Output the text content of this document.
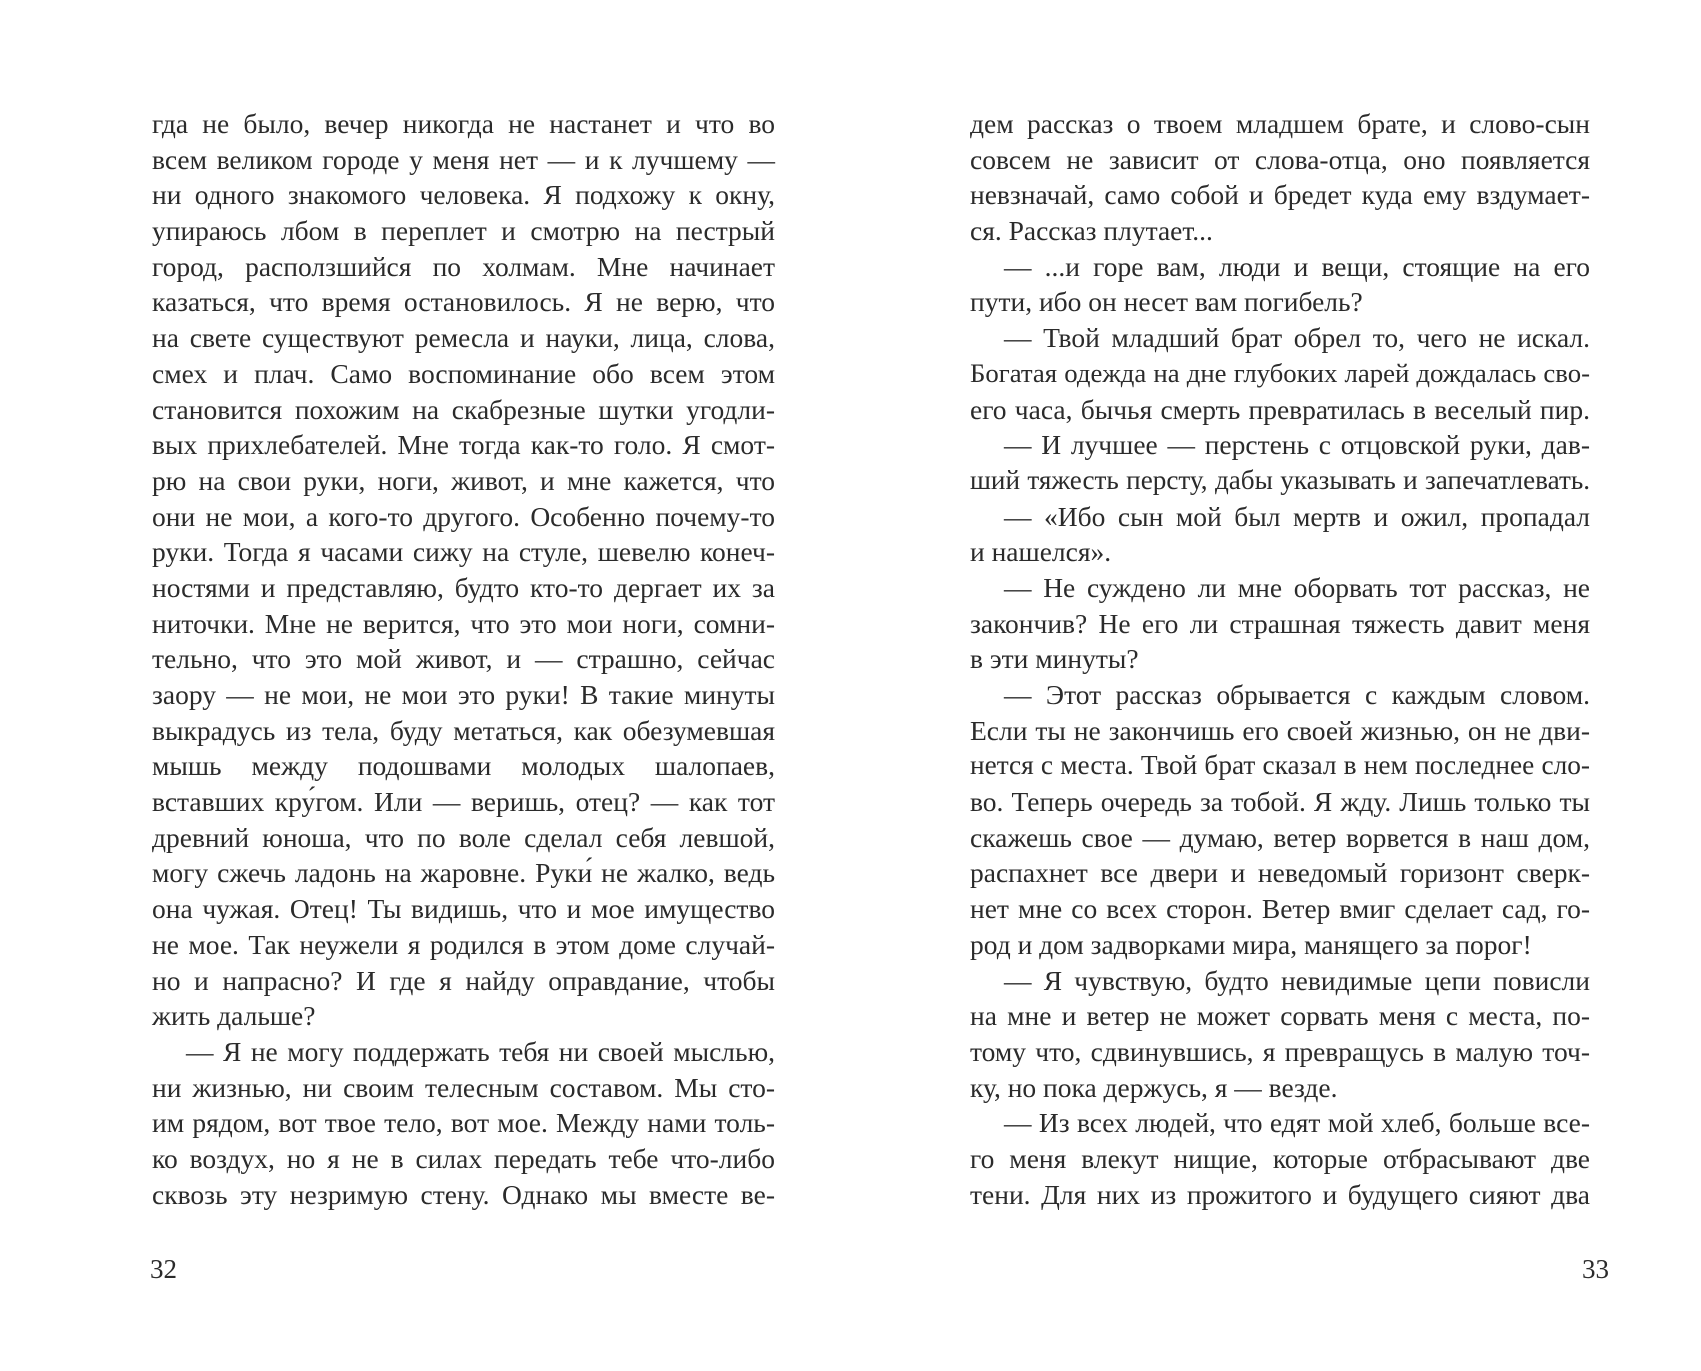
гда не было, вечер никогда не настанет и что во
всем великом городе у меня нет — и к лучшему —
ни одного знакомого человека. Я подхожу к окну,
упираюсь лбом в переплет и смотрю на пестрый
город, расползшийся по холмам. Мне начинает
казаться, что время остановилось. Я не верю, что
на свете существуют ремесла и науки, лица, слова,
смех и плач. Само воспоминание обо всем этом
становится похожим на скабрезные шутки угодли-
вых прихлебателей. Мне тогда как-то голо. Я смот-
рю на свои руки, ноги, живот, и мне кажется, что
они не мои, а кого-то другого. Особенно почему-то
руки. Тогда я часами сижу на стуле, шевелю конеч-
ностями и представляю, будто кто-то дергает их за
ниточки. Мне не верится, что это мои ноги, сомни-
тельно, что это мой живот, и — страшно, сейчас
заору — не мои, не мои это руки! В такие минуты
выкрадусь из тела, буду метаться, как обезумевшая
мышь между подошвами молодых шалопаев,
вставших кру́гом. Или — веришь, отец? — как тот
древний юноша, что по воле сделал себя левшой,
могу сжечь ладонь на жаровне. Руки́ не жалко, ведь
она чужая. Отец! Ты видишь, что и мое имущество
не мое. Так неужели я родился в этом доме случай-
но и напрасно? И где я найду оправдание, чтобы
жить дальше?
— Я не могу поддержать тебя ни своей мыслью,
ни жизнью, ни своим телесным составом. Мы сто-
им рядом, вот твое тело, вот мое. Между нами толь-
ко воздух, но я не в силах передать тебе что-либо
сквозь эту незримую стену. Однако мы вместе ве-
32
дем рассказ о твоем младшем брате, и слово-сын
совсем не зависит от слова-отца, оно появляется
невзначай, само собой и бредет куда ему вздумает-
ся. Рассказ плутает...
— ...и горе вам, люди и вещи, стоящие на его
пути, ибо он несет вам погибель?
— Твой младший брат обрел то, чего не искал.
Богатая одежда на дне глубоких ларей дождалась сво-
его часа, бычья смерть превратилась в веселый пир.
— И лучшее — перстень с отцовской руки, дав-
ший тяжесть персту, дабы указывать и запечатлевать.
— «Ибо сын мой был мертв и ожил, пропадал
и нашелся».
— Не суждено ли мне оборвать тот рассказ, не
закончив? Не его ли страшная тяжесть давит меня
в эти минуты?
— Этот рассказ обрывается с каждым словом.
Если ты не закончишь его своей жизнью, он не дви-
нется с места. Твой брат сказал в нем последнее сло-
во. Теперь очередь за тобой. Я жду. Лишь только ты
скажешь свое — думаю, ветер ворвется в наш дом,
распахнет все двери и неведомый горизонт сверк-
нет мне со всех сторон. Ветер вмиг сделает сад, го-
род и дом задворками мира, манящего за порог!
— Я чувствую, будто невидимые цепи повисли
на мне и ветер не может сорвать меня с места, по-
тому что, сдвинувшись, я превращусь в малую точ-
ку, но пока держусь, я — везде.
— Из всех людей, что едят мой хлеб, больше все-
го меня влекут нищие, которые отбрасывают две
тени. Для них из прожитого и будущего сияют два
33
